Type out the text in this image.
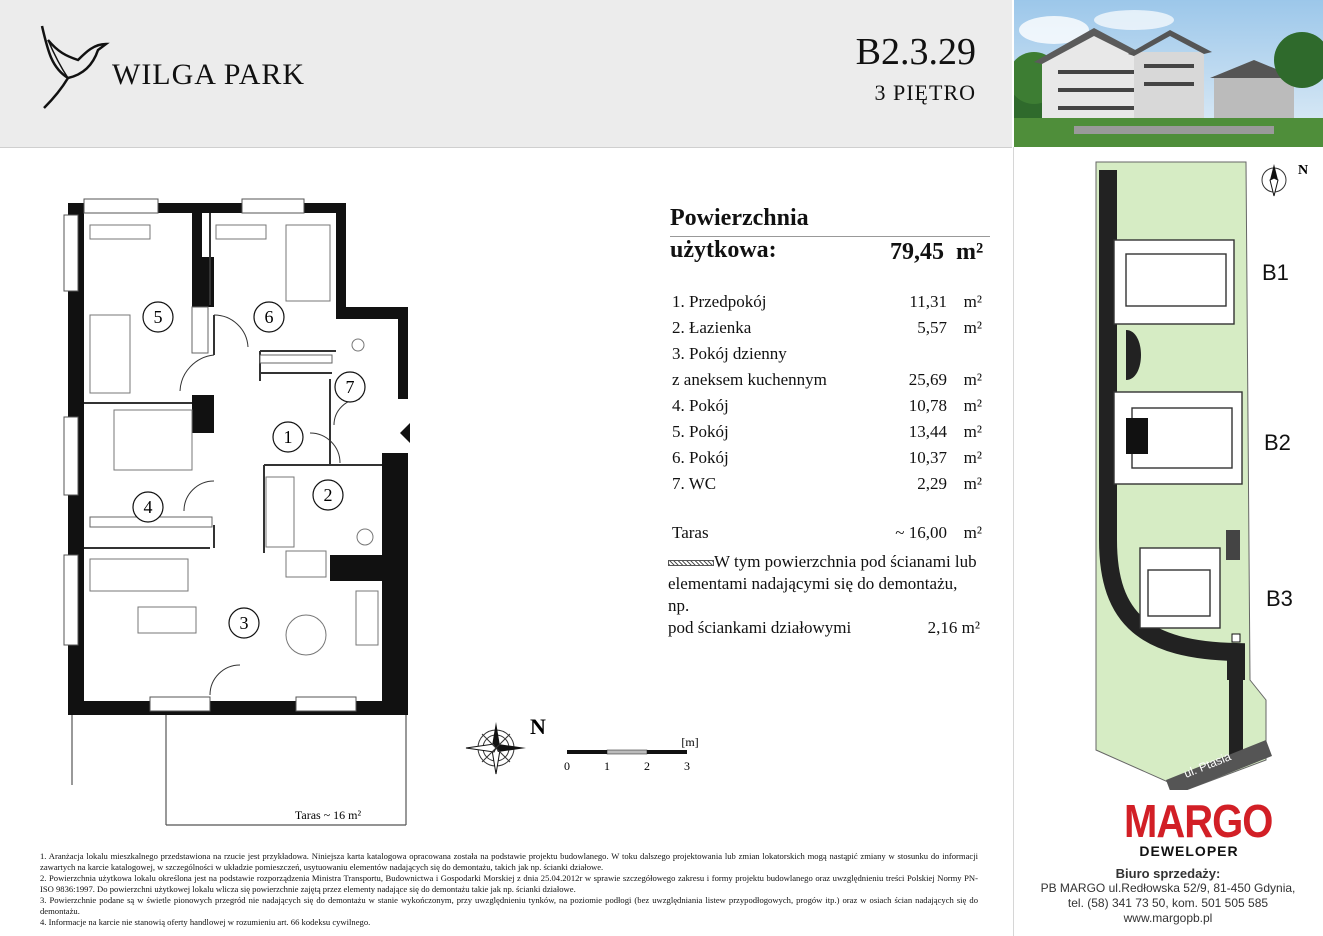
WILGA PARK
B2.3.29
3 PIĘTRO
1
2
3
4
5	6
7
Taras ~ 16 m²
Powierzchnia
użytkowa:	79,45 m²
1. Przedpokój	11,31 m²
2. Łazienka	5,57 m²
3. Pokój dzienny
z aneksem kuchennym	25,69 m²
4. Pokój	10,78 m²
5. Pokój	13,44 m²
6. Pokój	10,37 m²
7. WC	2,29 m²
Taras	~ 16,00 m²
W tym powierzchnia pod ścianami lub
elementami nadającymi się do demontażu, np.
pod ściankami działowymi	2,16 m²
N
[m]
0	1	2	3

1. Aranżacja lokalu mieszkalnego przedstawiona na rzucie jest przykładowa. Niniejsza karta katalogowa opracowana została na podstawie projektu budowlanego. W toku dalszego projektowania lub zmian lokatorskich mogą nastąpić zmiany w stosunku do informacji zawartych na karcie katalogowej, w szczególności w układzie pomieszczeń, usytuowaniu elementów nadających się do demontażu, takich jak np. ścianki działowe.

2. Powierzchnia użytkowa lokalu określona jest na podstawie rozporządzenia Ministra Transportu, Budownictwa i Gospodarki Morskiej z dnia 25.04.2012r w sprawie szczegółowego zakresu i formy projektu budowlanego oraz uwzględnieniu treści Polskiej Normy PN-ISO 9836:1997. Do powierzchni użytkowej lokalu wlicza się powierzchnie zajętą przez elementy nadające się do demontażu takie jak np. ścianki działowe.

3. Powierzchnie podane są w świetle pionowych przegród nie nadających się do demontażu w stanie wykończonym, przy uwzględnieniu tynków, na poziomie podłogi (bez uwzględniania listew przypodłogowych, progów itp.) oraz w osiach ścian nadających się do demontażu.

4. Informacje na karcie nie stanowią oferty handlowej w rozumieniu art. 66 kodeksu cywilnego.

B1
B2
B3
ul. Ptasia
N
MARGO
DEWELOPER
Biuro sprzedaży:
PB MARGO ul.Redłowska 52/9, 81-450 Gdynia,
tel. (58) 341 73 50, kom. 501 505 585
www.margopb.pl
